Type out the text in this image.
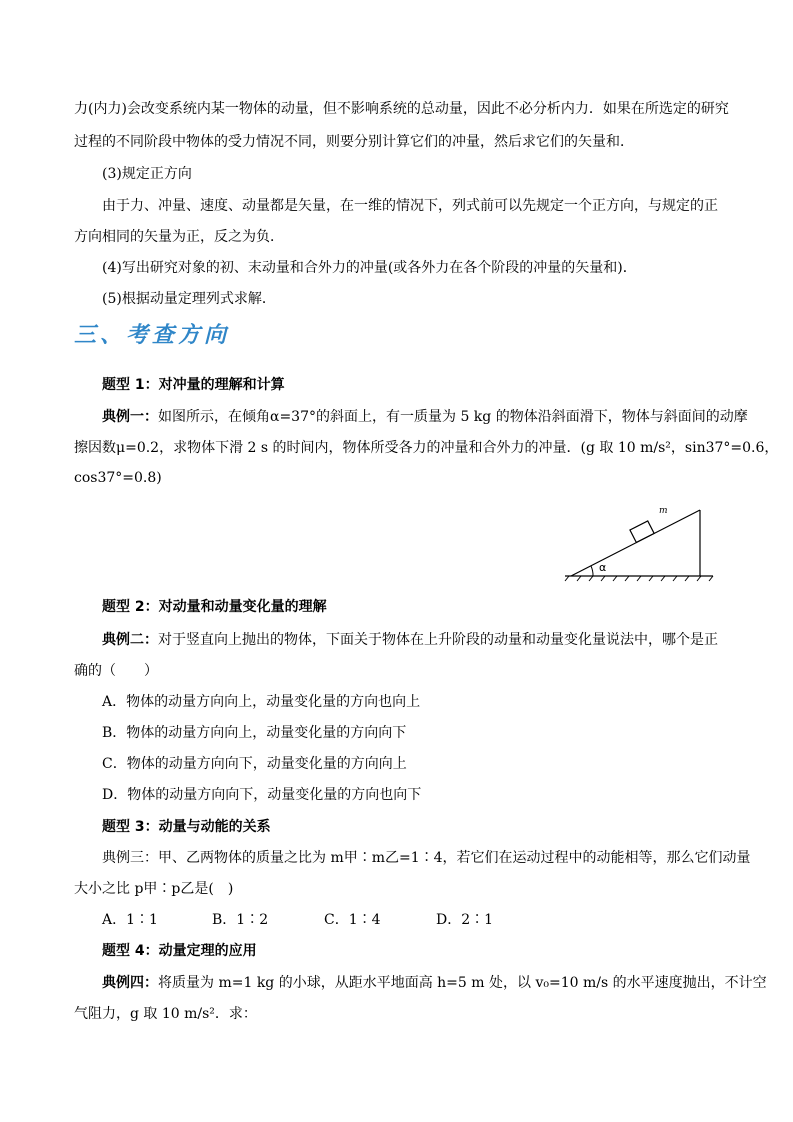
力(内力)会改变系统内某一物体的动量，但不影响系统的总动量，因此不必分析内力．如果在所选定的研究
过程的不同阶段中物体的受力情况不同，则要分别计算它们的冲量，然后求它们的矢量和．
(3)规定正方向
由于力、冲量、速度、动量都是矢量，在一维的情况下，列式前可以先规定一个正方向，与规定的正
方向相同的矢量为正，反之为负．
(4)写出研究对象的初、末动量和合外力的冲量(或各外力在各个阶段的冲量的矢量和)．
(5)根据动量定理列式求解．
三、考查方向
题型 1：对冲量的理解和计算
典例一：如图所示，在倾角α=37°的斜面上，有一质量为 5 kg 的物体沿斜面滑下，物体与斜面间的动摩
擦因数μ=0.2，求物体下滑 2 s 的时间内，物体所受各力的冲量和合外力的冲量．(g 取 10 m/s²，sin37°=0.6，
cos37°=0.8)
α
m
题型 2：对动量和动量变化量的理解
典例二：对于竖直向上抛出的物体，下面关于物体在上升阶段的动量和动量变化量说法中，哪个是正
确的（　　）
A．物体的动量方向向上，动量变化量的方向也向上
B．物体的动量方向向上，动量变化量的方向向下
C．物体的动量方向向下，动量变化量的方向向上
D．物体的动量方向向下，动量变化量的方向也向下
题型 3：动量与动能的关系
典例三：甲、乙两物体的质量之比为 m甲∶m乙=1∶4，若它们在运动过程中的动能相等，那么它们动量
大小之比 p甲∶p乙是(　)
A．1∶1	B．1∶2	C．1∶4	D．2∶1
题型 4：动量定理的应用
典例四：将质量为 m=1 kg 的小球，从距水平地面高 h=5 m 处，以 v₀=10 m/s 的水平速度抛出，不计空
气阻力，g 取 10 m/s²．求：
